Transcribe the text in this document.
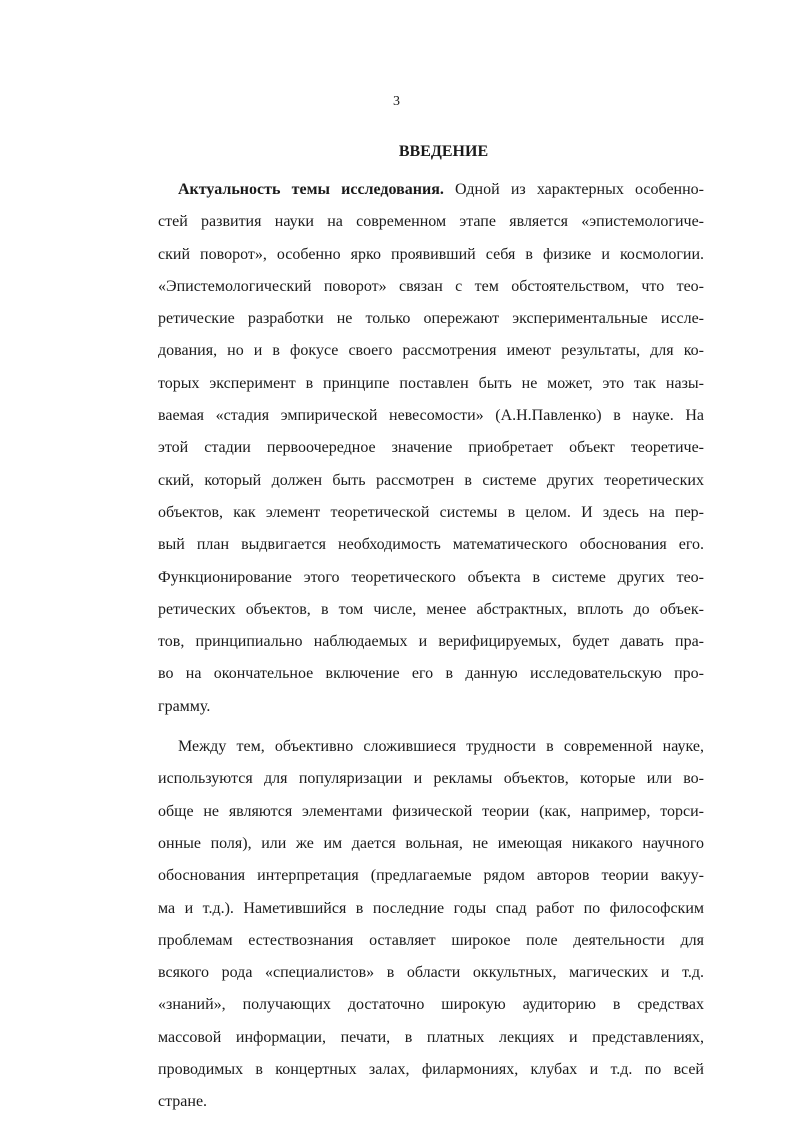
3
ВВЕДЕНИЕ
Актуальность темы исследования. Одной из характерных особенно-
стей развития науки на современном этапе является «эпистемологиче-
ский поворот», особенно ярко проявивший себя в физике и космологии.
«Эпистемологический поворот» связан с тем обстоятельством, что тео-
ретические разработки не только опережают экспериментальные иссле-
дования, но и в фокусе своего рассмотрения имеют результаты, для ко-
торых эксперимент в принципе поставлен быть не может, это так назы-
ваемая «стадия эмпирической невесомости» (А.Н.Павленко) в науке. На
этой стадии первоочередное значение приобретает объект теоретиче-
ский, который должен быть рассмотрен в системе других теоретических
объектов, как элемент теоретической системы в целом. И здесь на пер-
вый план выдвигается необходимость математического обоснования его.
Функционирование этого теоретического объекта в системе других тео-
ретических объектов, в том числе, менее абстрактных, вплоть до объек-
тов, принципиально наблюдаемых и верифицируемых, будет давать пра-
во на окончательное включение его в данную исследовательскую про-
грамму.
Между тем, объективно сложившиеся трудности в современной науке,
используются для популяризации и рекламы объектов, которые или во-
обще не являются элементами физической теории (как, например, торси-
онные поля), или же им дается вольная, не имеющая никакого научного
обоснования интерпретация (предлагаемые рядом авторов теории вакуу-
ма и т.д.). Наметившийся в последние годы спад работ по философским
проблемам естествознания оставляет широкое поле деятельности для
всякого рода «специалистов» в области оккультных, магических и т.д.
«знаний», получающих достаточно широкую аудиторию в средствах
массовой информации, печати, в платных лекциях и представлениях,
проводимых в концертных залах, филармониях, клубах и т.д. по всей
стране.
